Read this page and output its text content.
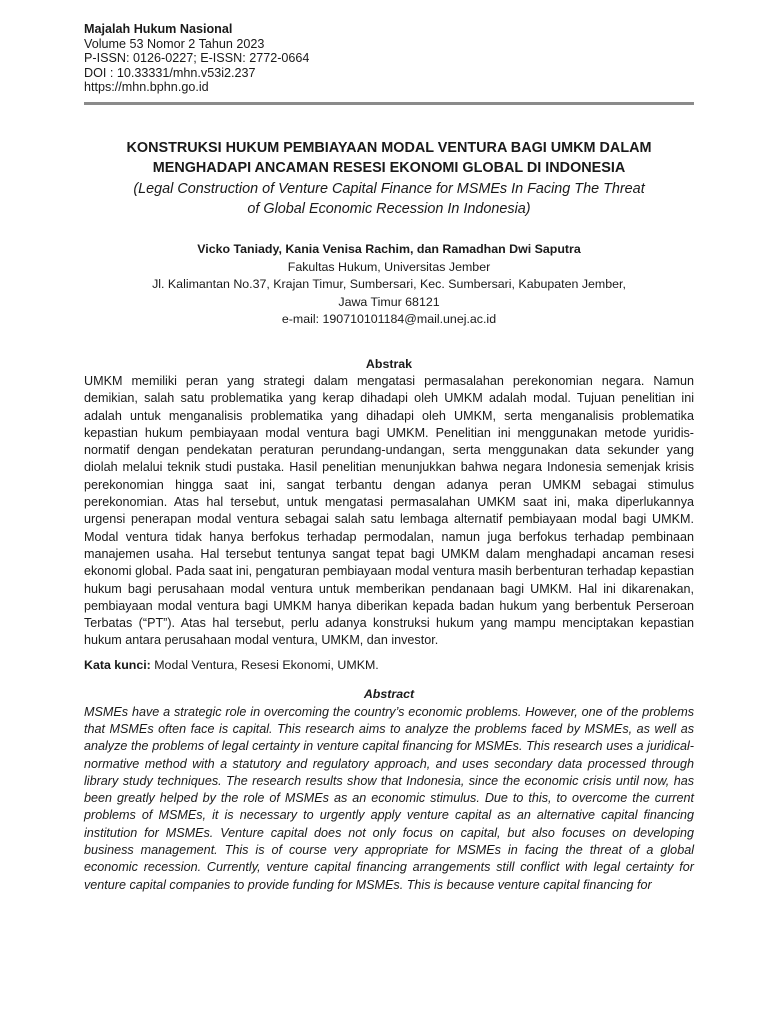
Majalah Hukum Nasional
Volume 53 Nomor 2 Tahun 2023
P-ISSN: 0126-0227; E-ISSN: 2772-0664
DOI : 10.33331/mhn.v53i2.237
https://mhn.bphn.go.id
KONSTRUKSI HUKUM PEMBIAYAAN MODAL VENTURA BAGI UMKM DALAM
MENGHADAPI ANCAMAN RESESI EKONOMI GLOBAL DI INDONESIA
(Legal Construction of Venture Capital Finance for MSMEs In Facing The Threat
of Global Economic Recession In Indonesia)
Vicko Taniady, Kania Venisa Rachim, dan Ramadhan Dwi Saputra
Fakultas Hukum, Universitas Jember
Jl. Kalimantan No.37, Krajan Timur, Sumbersari, Kec. Sumbersari, Kabupaten Jember,
Jawa Timur 68121
e-mail: 190710101184@mail.unej.ac.id
Abstrak
UMKM memiliki peran yang strategi dalam mengatasi permasalahan perekonomian negara. Namun demikian, salah satu problematika yang kerap dihadapi oleh UMKM adalah modal. Tujuan penelitian ini adalah untuk menganalisis problematika yang dihadapi oleh UMKM, serta menganalisis problematika kepastian hukum pembiayaan modal ventura bagi UMKM. Penelitian ini menggunakan metode yuridis-normatif dengan pendekatan peraturan perundang-undangan, serta menggunakan data sekunder yang diolah melalui teknik studi pustaka. Hasil penelitian menunjukkan bahwa negara Indonesia semenjak krisis perekonomian hingga saat ini, sangat terbantu dengan adanya peran UMKM sebagai stimulus perekonomian. Atas hal tersebut, untuk mengatasi permasalahan UMKM saat ini, maka diperlukannya urgensi penerapan modal ventura sebagai salah satu lembaga alternatif pembiayaan modal bagi UMKM. Modal ventura tidak hanya berfokus terhadap permodalan, namun juga berfokus terhadap pembinaan manajemen usaha. Hal tersebut tentunya sangat tepat bagi UMKM dalam menghadapi ancaman resesi ekonomi global. Pada saat ini, pengaturan pembiayaan modal ventura masih berbenturan terhadap kepastian hukum bagi perusahaan modal ventura untuk memberikan pendanaan bagi UMKM. Hal ini dikarenakan, pembiayaan modal ventura bagi UMKM hanya diberikan kepada badan hukum yang berbentuk Perseroan Terbatas (“PT”). Atas hal tersebut, perlu adanya konstruksi hukum yang mampu menciptakan kepastian hukum antara perusahaan modal ventura, UMKM, dan investor.
Kata kunci: Modal Ventura, Resesi Ekonomi, UMKM.
Abstract
MSMEs have a strategic role in overcoming the country’s economic problems. However, one of the problems that MSMEs often face is capital. This research aims to analyze the problems faced by MSMEs, as well as analyze the problems of legal certainty in venture capital financing for MSMEs. This research uses a juridical-normative method with a statutory and regulatory approach, and uses secondary data processed through library study techniques. The research results show that Indonesia, since the economic crisis until now, has been greatly helped by the role of MSMEs as an economic stimulus. Due to this, to overcome the current problems of MSMEs, it is necessary to urgently apply venture capital as an alternative capital financing institution for MSMEs. Venture capital does not only focus on capital, but also focuses on developing business management. This is of course very appropriate for MSMEs in facing the threat of a global economic recession. Currently, venture capital financing arrangements still conflict with legal certainty for venture capital companies to provide funding for MSMEs. This is because venture capital financing for
